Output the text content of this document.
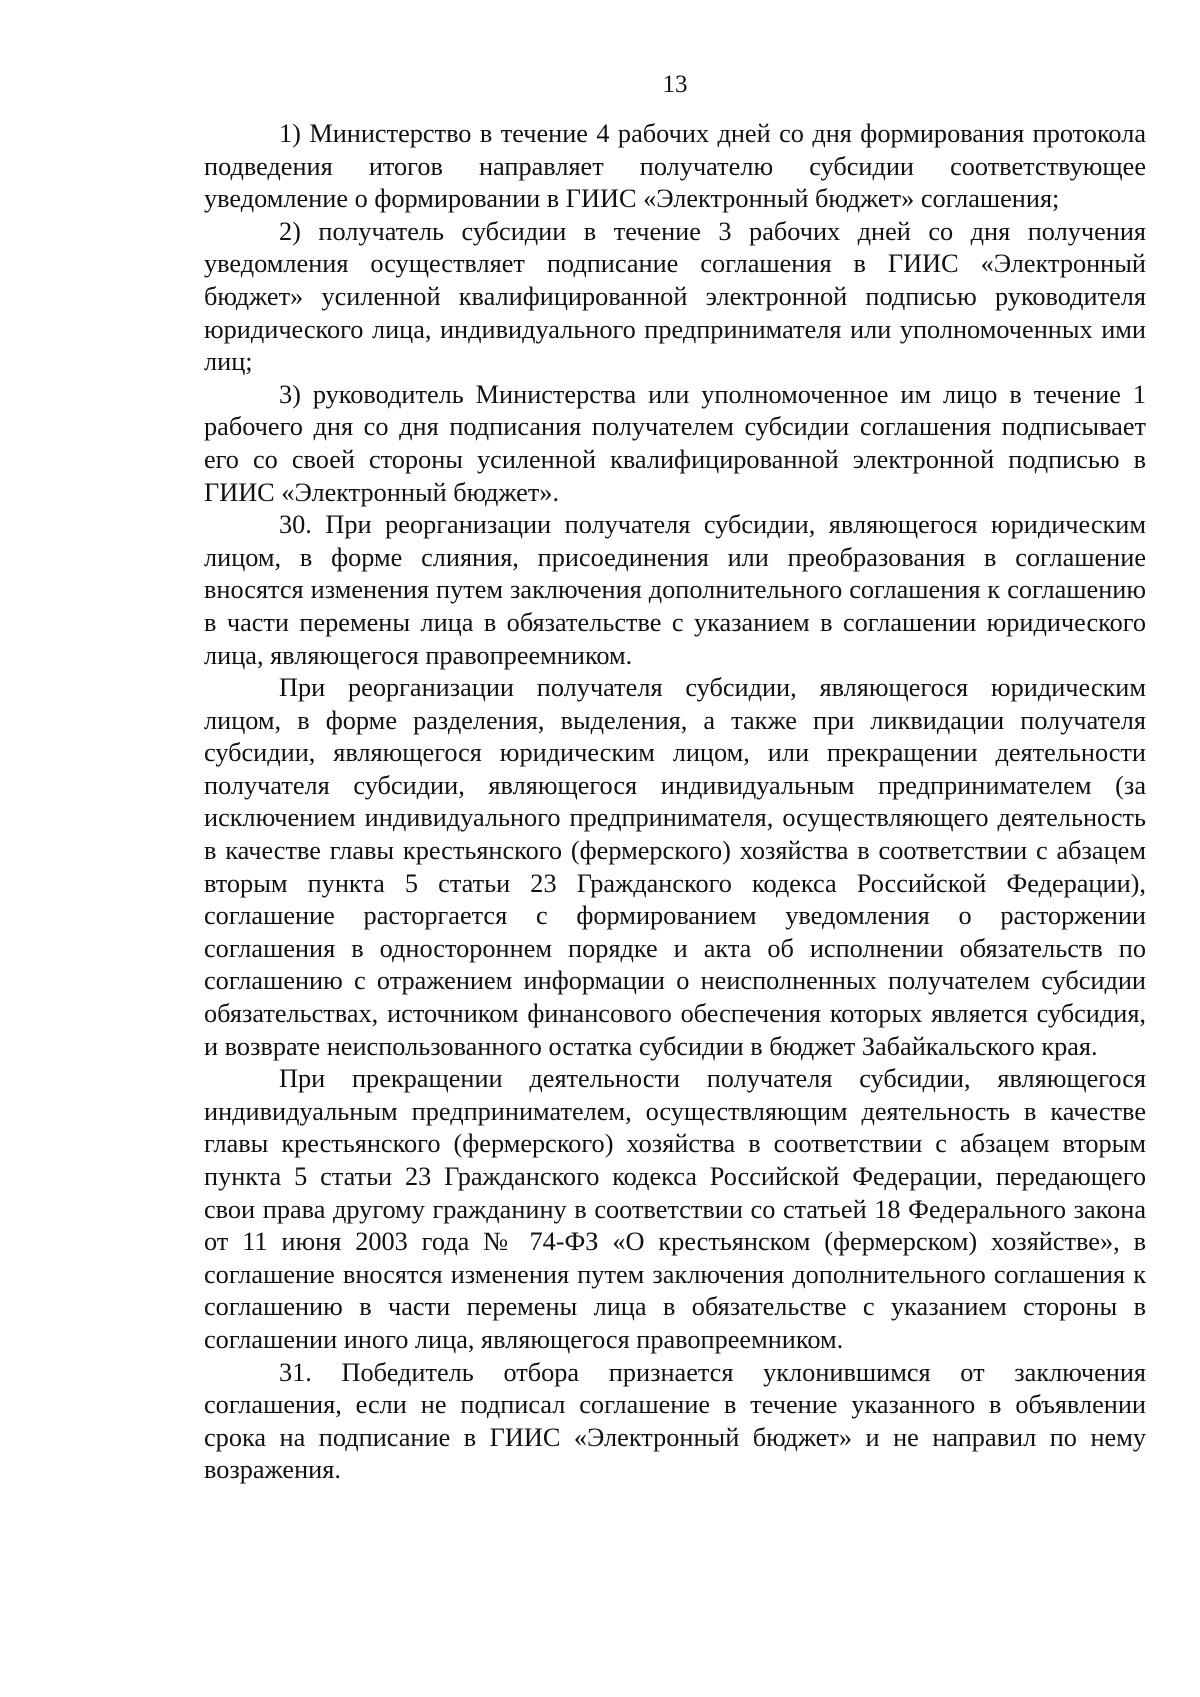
13

1) Министерство в течение 4 рабочих дней со дня формирования протокола подведения итогов направляет получателю субсидии соответствующее уведомление о формировании в ГИИС «Электронный бюджет» соглашения;

2) получатель субсидии в течение 3 рабочих дней со дня получения уведомления осуществляет подписание соглашения в ГИИС «Электронный бюджет» усиленной квалифицированной электронной подписью руководителя юридического лица, индивидуального предпринимателя или уполномоченных ими лиц;

3) руководитель Министерства или уполномоченное им лицо в течение 1 рабочего дня со дня подписания получателем субсидии соглашения подписывает его со своей стороны усиленной квалифицированной электронной подписью в ГИИС «Электронный бюджет».

30. При реорганизации получателя субсидии, являющегося юридическим лицом, в форме слияния, присоединения или преобразования в соглашение вносятся изменения путем заключения дополнительного соглашения к соглашению в части перемены лица в обязательстве с указанием в соглашении юридического лица, являющегося правопреемником.

При реорганизации получателя субсидии, являющегося юридическим лицом, в форме разделения, выделения, а также при ликвидации получателя субсидии, являющегося юридическим лицом, или прекращении деятельности получателя субсидии, являющегося индивидуальным предпринимателем (за исключением индивидуального предпринимателя, осуществляющего деятельность в качестве главы крестьянского (фермерского) хозяйства в соответствии с абзацем вторым пункта 5 статьи 23 Гражданского кодекса Российской Федерации), соглашение расторгается с формированием уведомления о расторжении соглашения в одностороннем порядке и акта об исполнении обязательств по соглашению с отражением информации о неисполненных получателем субсидии обязательствах, источником финансового обеспечения которых является субсидия, и возврате неиспользованного остатка субсидии в бюджет Забайкальского края.

При прекращении деятельности получателя субсидии, являющегося индивидуальным предпринимателем, осуществляющим деятельность в качестве главы крестьянского (фермерского) хозяйства в соответствии с абзацем вторым пункта 5 статьи 23 Гражданского кодекса Российской Федерации, передающего свои права другому гражданину в соответствии со статьей 18 Федерального закона от 11 июня 2003 года № 74-ФЗ «О крестьянском (фермерском) хозяйстве», в соглашение вносятся изменения путем заключения дополнительного соглашения к соглашению в части перемены лица в обязательстве с указанием стороны в соглашении иного лица, являющегося правопреемником.

31. Победитель отбора признается уклонившимся от заключения соглашения, если не подписал соглашение в течение указанного в объявлении срока на подписание в ГИИС «Электронный бюджет» и не направил по нему возражения.
